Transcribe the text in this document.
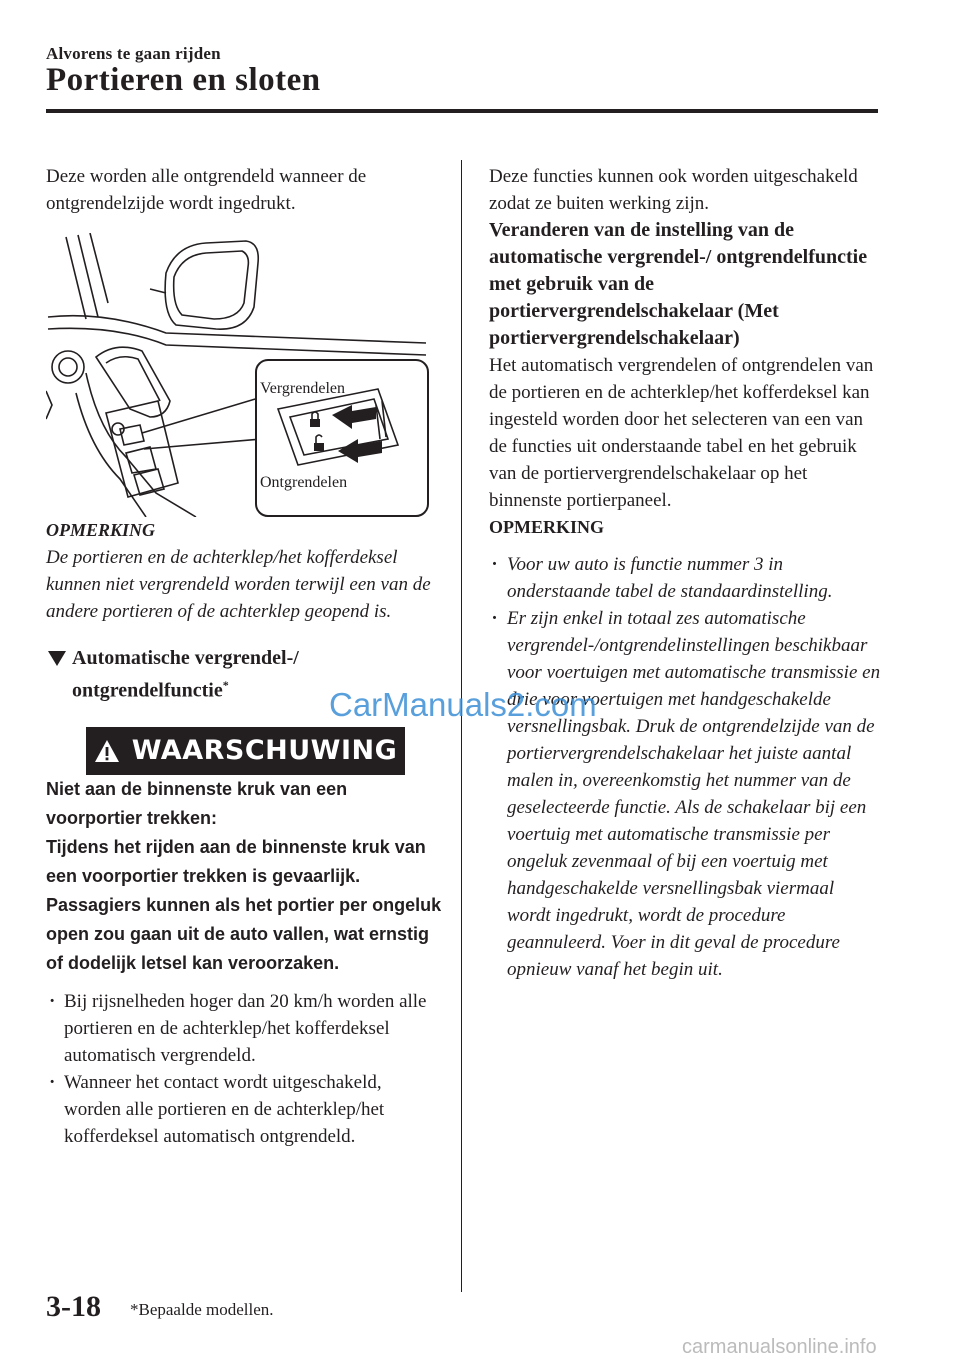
Alvorens te gaan rijden
Portieren en sloten

Deze worden alle ontgrendeld wanneer de ontgrendelzijde wordt ingedrukt.

Vergrendelen
Ontgrendelen

OPMERKING

De portieren en de achterklep/het kofferdeksel kunnen niet vergrendeld worden terwijl een van de andere portieren of de achterklep geopend is.

Automatische vergrendel-/
ontgrendelfunctie*
WAARSCHUWING

Niet aan de binnenste kruk van een voorportier trekken:

Tijdens het rijden aan de binnenste kruk van een voorportier trekken is gevaarlijk. Passagiers kunnen als het portier per ongeluk open zou gaan uit de auto vallen, wat ernstig of dodelijk letsel kan veroorzaken.

· Bij rijsnelheden hoger dan 20 km/h worden alle portieren en de achterklep/het kofferdeksel automatisch vergrendeld.
· Wanneer het contact wordt uitgeschakeld, worden alle portieren en de achterklep/het kofferdeksel automatisch ontgrendeld.

Deze functies kunnen ook worden uitgeschakeld zodat ze buiten werking zijn.

Veranderen van de instelling van de automatische vergrendel-/ ontgrendelfunctie met gebruik van de portiervergrendelschakelaar (Met portiervergrendelschakelaar)

Het automatisch vergrendelen of ontgrendelen van de portieren en de achterklep/het kofferdeksel kan ingesteld worden door het selecteren van een van de functies uit onderstaande tabel en het gebruik van de portiervergrendelschakelaar op het binnenste portierpaneel.

OPMERKING

· Voor uw auto is functie nummer 3 in onderstaande tabel de standaardinstelling.
· Er zijn enkel in totaal zes automatische vergrendel-/ontgrendelinstellingen beschikbaar voor voertuigen met automatische transmissie en drie voor voertuigen met handgeschakelde versnellingsbak. Druk de ontgrendelzijde van de portiervergrendelschakelaar het juiste aantal malen in, overeenkomstig het nummer van de geselecteerde functie. Als de schakelaar bij een voertuig met automatische transmissie per ongeluk zevenmaal of bij een voertuig met handgeschakelde versnellingsbak viermaal wordt ingedrukt, wordt de procedure geannuleerd. Voer in dit geval de procedure opnieuw vanaf het begin uit.
3-18 *Bepaalde modellen.
CarManuals2.com
carmanualsonline.info
